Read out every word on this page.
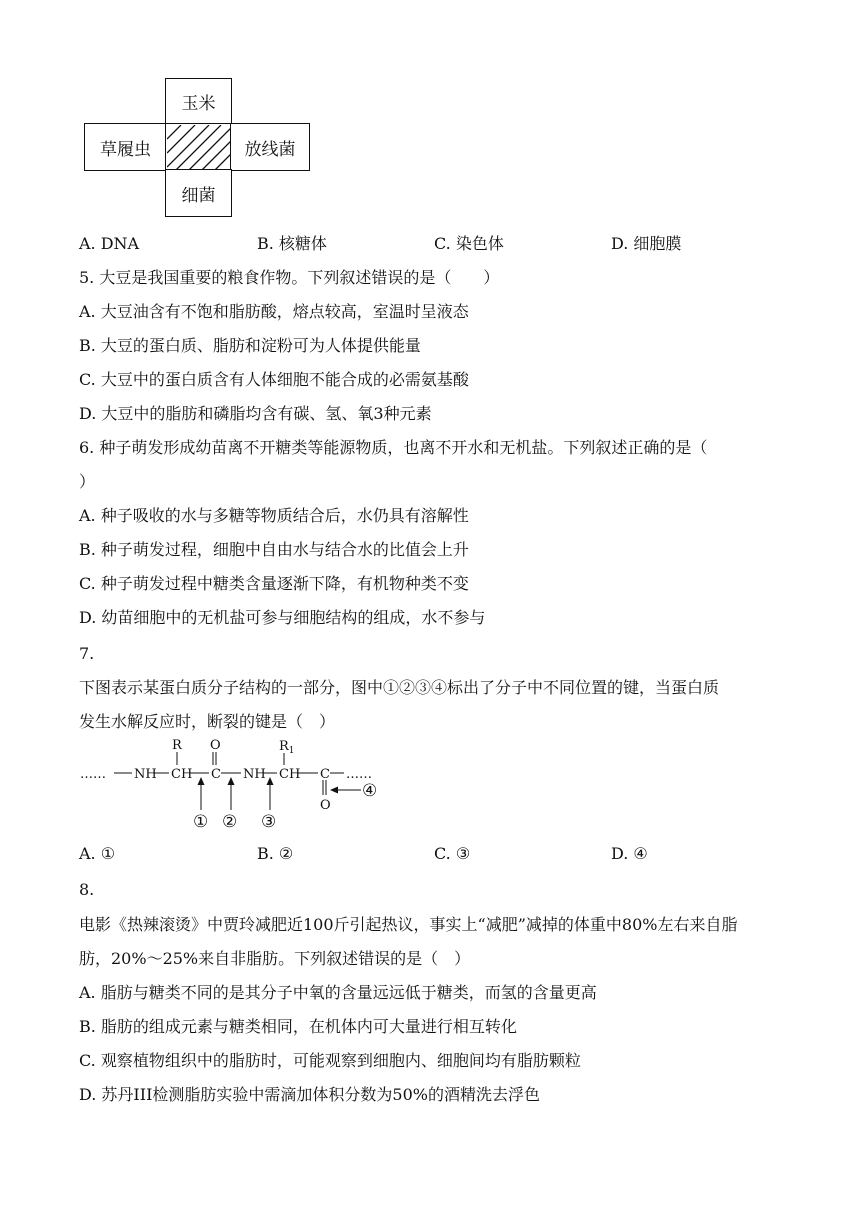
玉米
草履虫	放线菌
细菌
A. DNA	B. 核糖体	C. 染色体	D. 细胞膜
5. 大豆是我国重要的粮食作物。下列叙述错误的是（　　）
A. 大豆油含有不饱和脂肪酸，熔点较高，室温时呈液态
B. 大豆的蛋白质、脂肪和淀粉可为人体提供能量
C. 大豆中的蛋白质含有人体细胞不能合成的必需氨基酸
D. 大豆中的脂肪和磷脂均含有碳、氢、氧3种元素
6. 种子萌发形成幼苗离不开糖类等能源物质，也离不开水和无机盐。下列叙述正确的是（
）
A. 种子吸收的水与多糖等物质结合后，水仍具有溶解性
B. 种子萌发过程，细胞中自由水与结合水的比值会上升
C. 种子萌发过程中糖类含量逐渐下降，有机物种类不变
D. 幼苗细胞中的无机盐可参与细胞结构的组成，水不参与
7.
下图表示某蛋白质分子结构的一部分，图中①②③④标出了分子中不同位置的键，当蛋白质
发生水解反应时，断裂的键是（　）
…… NH CH C NH CH C ……
R	$R_1$
O
O
① ② ③
④
A. ①	B. ②	C. ③	D. ④
8.
电影《热辣滚烫》中贾玲减肥近100斤引起热议，事实上“减肥”减掉的体重中80%左右来自脂
肪，20%～25%来自非脂肪。下列叙述错误的是（　）
A. 脂肪与糖类不同的是其分子中氧的含量远远低于糖类，而氢的含量更高
B. 脂肪的组成元素与糖类相同，在机体内可大量进行相互转化
C. 观察植物组织中的脂肪时，可能观察到细胞内、细胞间均有脂肪颗粒
D. 苏丹III检测脂肪实验中需滴加体积分数为50%的酒精洗去浮色
